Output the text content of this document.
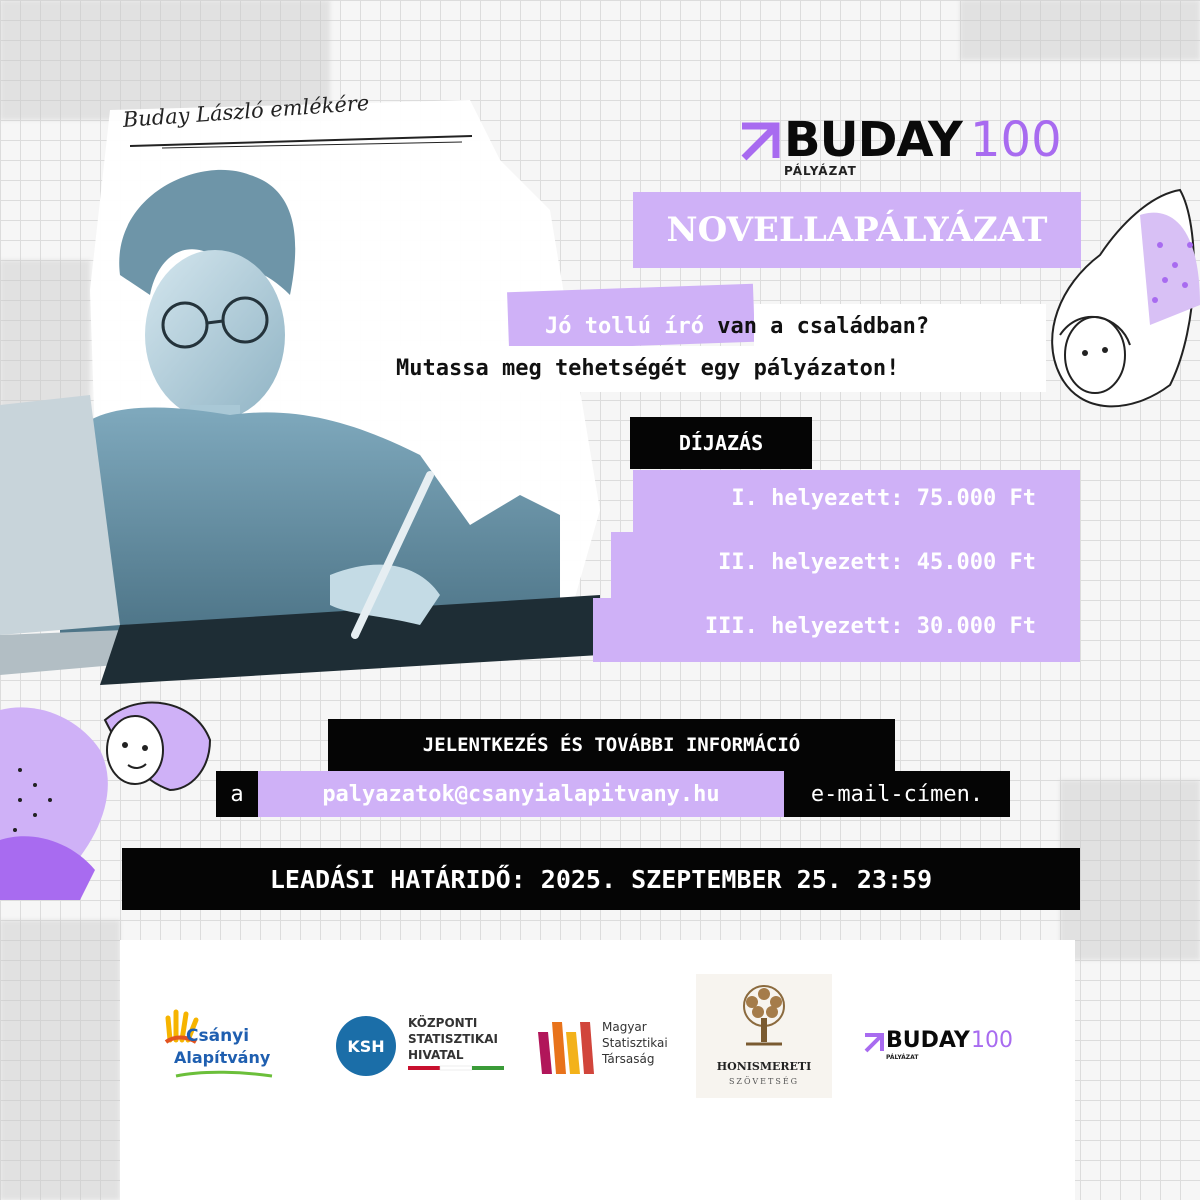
Buday László emlékére
BUDAY 100
PÁLYÁZAT
NOVELLAPÁLYÁZAT
Jó tollú író van a családban?
Mutassa meg tehetségét egy pályázaton!
DÍJAZÁS
I. helyezett: 75.000 Ft
II. helyezett: 45.000 Ft
III. helyezett: 30.000 Ft
JELENTKEZÉS ÉS TOVÁBBI INFORMÁCIÓ
a	palyazatok@csanyialapitvany.hu	e-mail-címen.
LEADÁSI HATÁRIDŐ: 2025. SZEPTEMBER 25. 23:59
Csányi
Alapítvány
KSH
KÖZPONTI
STATISZTIKAI
HIVATAL
Magyar
Statisztikai
Társaság
HONISMERETI
SZÖVETSÉG
BUDAY 100
PÁLYÁZAT
